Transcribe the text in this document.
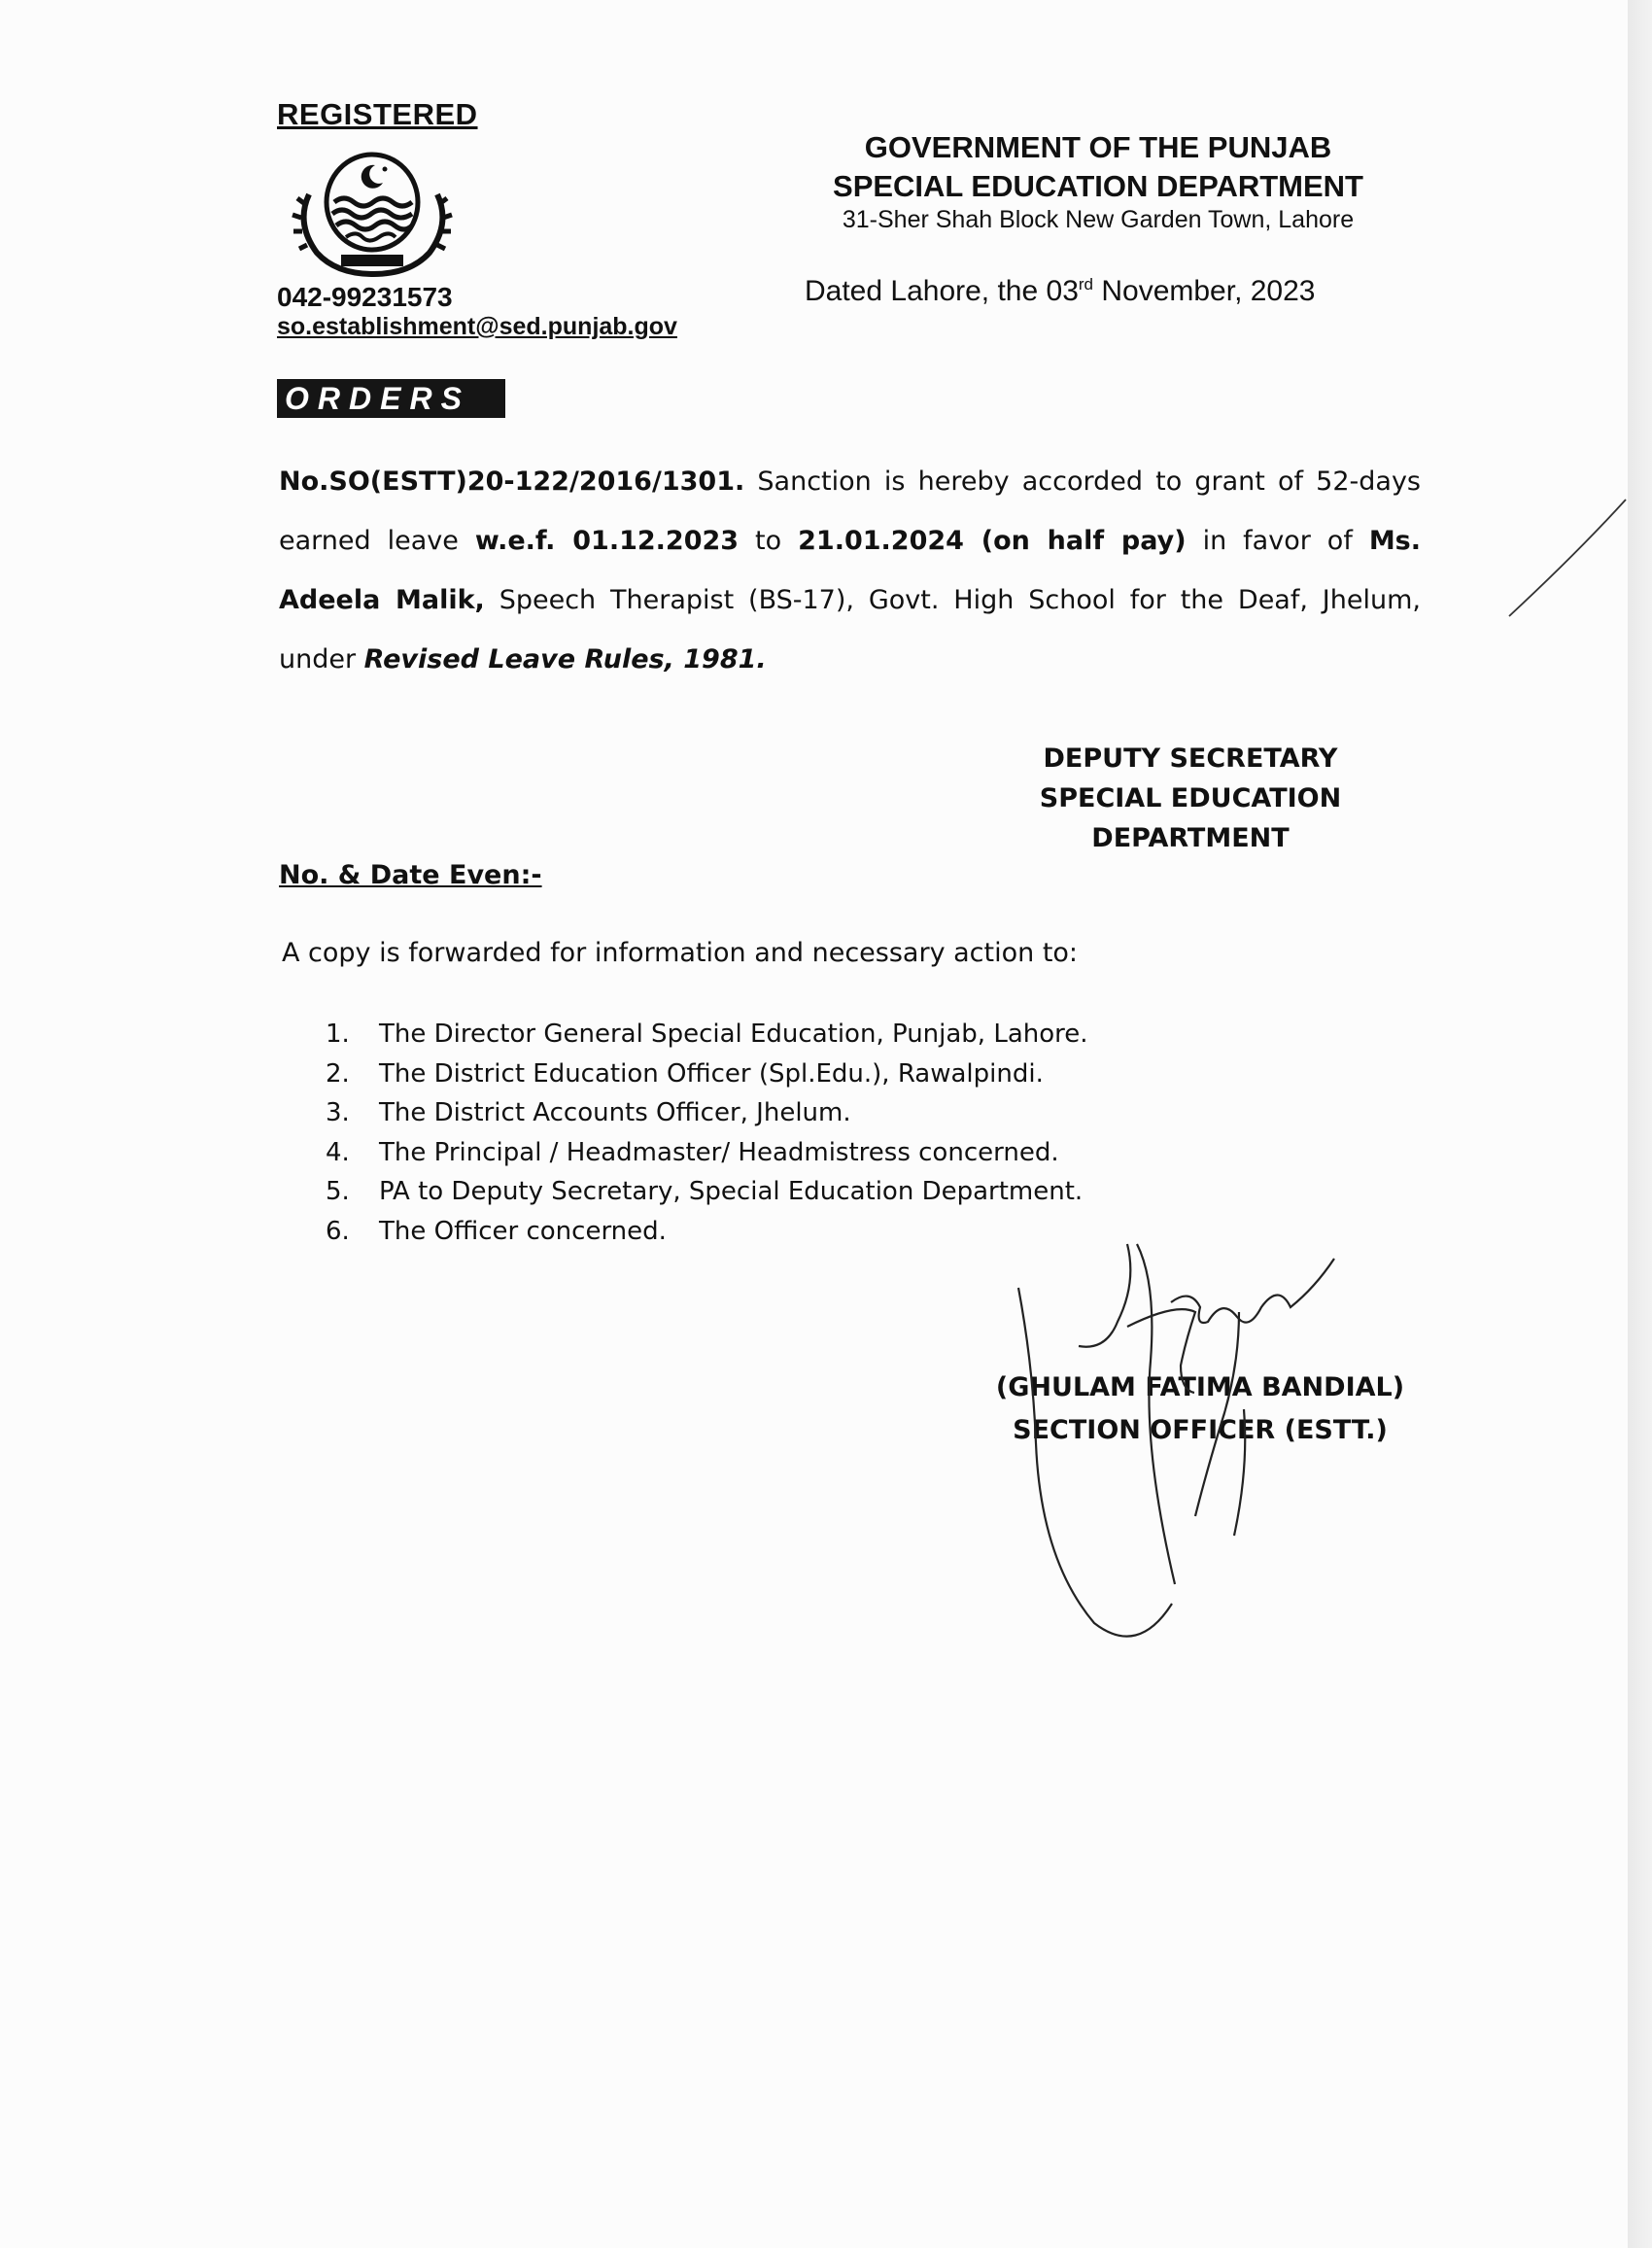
REGISTERED
042-99231573
so.establishment@sed.punjab.gov
GOVERNMENT OF THE PUNJAB
SPECIAL EDUCATION DEPARTMENT
31-Sher Shah Block New Garden Town, Lahore
Dated Lahore, the 03rd November, 2023
ORDERS
No.SO(ESTT)20-122/2016/1301. Sanction is hereby accorded to grant of 52-days earned leave w.e.f. 01.12.2023 to 21.01.2024 (on half pay) in favor of Ms. Adeela Malik, Speech Therapist (BS-17), Govt. High School for the Deaf, Jhelum, under Revised Leave Rules, 1981.
DEPUTY SECRETARY
SPECIAL EDUCATION
DEPARTMENT
No. & Date Even:-
A copy is forwarded for information and necessary action to:
1.	The Director General Special Education, Punjab, Lahore.
2.	The District Education Officer (Spl.Edu.), Rawalpindi.
3.	The District Accounts Officer, Jhelum.
4.	The Principal / Headmaster/ Headmistress concerned.
5.	PA to Deputy Secretary, Special Education Department.
6.	The Officer concerned.
(GHULAM FATIMA BANDIAL)
SECTION OFFICER (ESTT.)
